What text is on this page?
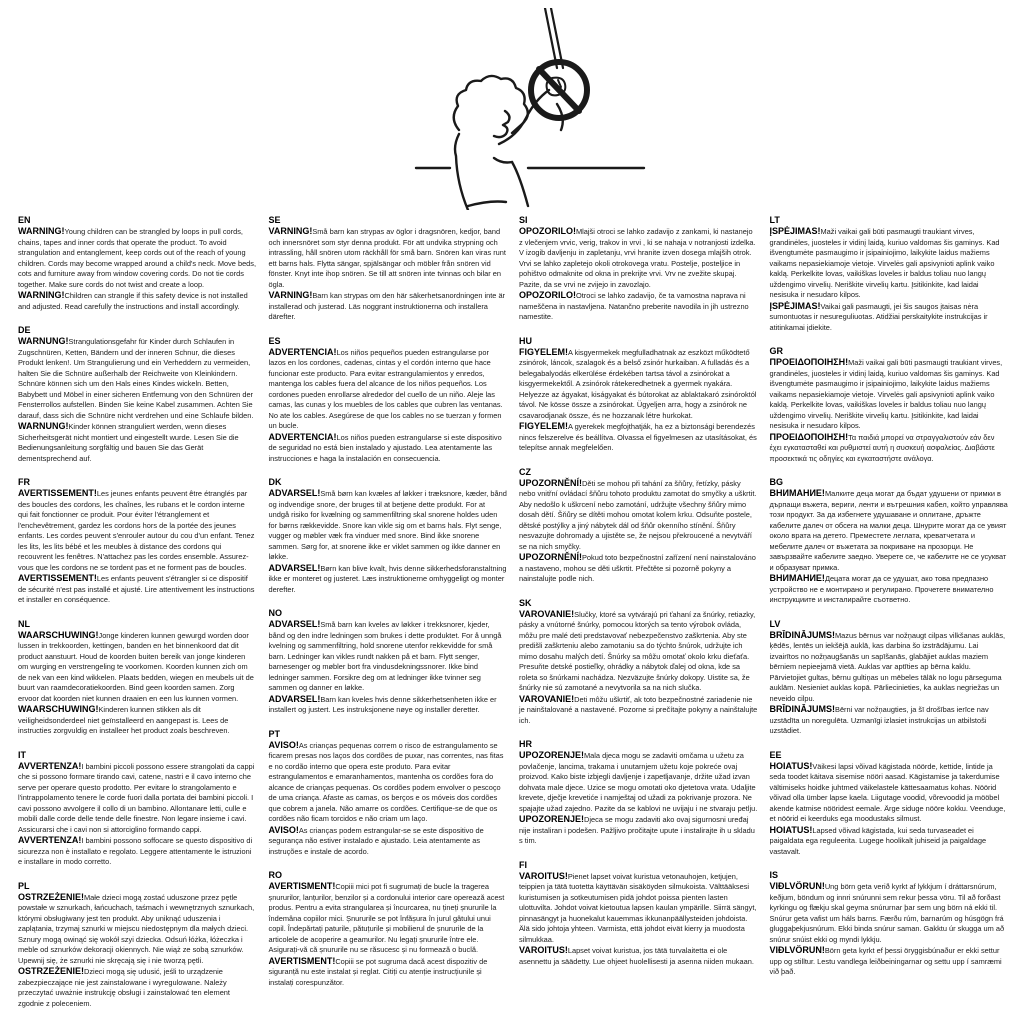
EN

WARNING!Young children can be strangled by loops in pull cords, chains, tapes and inner cords that operate the product. To avoid strangulation and entanglement, keep cords out of the reach of young children. Cords may become wrapped around a child's neck. Move beds, cots and furniture away from window covering cords. Do not tie cords together. Make sure cords do not twist and create a loop.

WARNING!Children can strangle if this safety device is not installed and adjusted. Read carefully the instructions and install accordingly.

DE

WARNUNG!Strangulationsgefahr für Kinder durch Schlaufen in Zugschnüren, Ketten, Bändern und der inneren Schnur, die dieses Produkt lenken!. Um Strangulierung und ein Verheddern zu vermeiden, halten Sie die Schnüre außerhalb der Reichweite von Kleinkindern. Schnüre können sich um den Hals eines Kindes wickeln. Betten, Babybett und Möbel in einer sicheren Entfernung von den Schnüren der Fensterrollos aufstellen. Binden Sie keine Kabel zusammen. Achten Sie darauf, dass sich die Schnüre nicht verdrehen und eine Schlaufe bilden.

WARNUNG!Kinder können stranguliert werden, wenn dieses Sicherheitsgerät nicht montiert und eingestellt wurde. Lesen Sie die Bedienungsanleitung sorgfältig und bauen Sie das Gerät dementsprechend auf.

FR

AVERTISSEMENT!Les jeunes enfants peuvent être étranglés par des boucles des cordons, les chaînes, les rubans et le cordon interne qui fait fonctionner ce produit. Pour éviter l'étranglement et l'enchevêtrement, gardez les cordons hors de la portée des jeunes enfants. Les cordes peuvent s'enrouler autour du cou d'un enfant. Tenez les lits, les lits bébé et les meubles à distance des cordons qui recouvrent les fenêtres. N'attachez pas les cordes ensemble. Assurez-vous que les cordons ne se tordent pas et ne forment pas de boucles.

AVERTISSEMENT!Les enfants peuvent s'étrangler si ce dispositif de sécurité n'est pas installé et ajusté. Lire attentivement les instructions et installer en conséquence.

NL

WAARSCHUWING!Jonge kinderen kunnen gewurgd worden door lussen in trekkoorden, kettingen, banden en het binnenkoord dat dit product aanstuurt. Houd de koorden buiten bereik van jonge kinderen om wurging en verstrengeling te voorkomen. Koorden kunnen zich om de nek van een kind wikkelen. Plaats bedden, wiegen en meubels uit de buurt van raamdecoratiekoorden. Bind geen koorden samen. Zorg ervoor dat koorden niet kunnen draaien en een lus kunnen vormen.

WAARSCHUWING!Kinderen kunnen stikken als dit veiligheidsonderdeel niet geïnstalleerd en aangepast is. Lees de instructies zorgvuldig en installeer het product zoals beschreven.

IT

AVVERTENZA!I bambini piccoli possono essere strangolati da cappi che si possono formare tirando cavi, catene, nastri e il cavo interno che serve per operare questo prodotto. Per evitare lo strangolamento e l'intrappolamento tenere le corde fuori dalla portata dei bambini piccoli. I cavi possono avvolgere il collo di un bambino. Allontanare letti, culle e mobili dalle corde delle tende delle finestre. Non legare insieme i cavi. Assicurarsi che i cavi non si attorciglino formando cappi.

AVVERTENZA!I bambini possono soffocare se questo dispositivo di sicurezza non è installato e regolato. Leggere attentamente le istruzioni e installare in modo corretto.

PL

OSTRZEŻENIE!Małe dzieci mogą zostać uduszone przez pętle powstałe w sznurkach, łańcuchach, taśmach i wewnętrznych sznurkach, którymi obsługiwany jest ten produkt. Aby uniknąć uduszenia i zaplątania, trzymaj sznurki w miejscu niedostępnym dla małych dzieci. Sznury mogą owinąć się wokół szyi dziecka. Odsuń łóżka, łóżeczka i meble od sznurków dekoracji okiennych. Nie wiąż ze sobą sznurków. Upewnij się, że sznurki nie skręcają się i nie tworzą pętli.

OSTRZEŻENIE!Dzieci mogą się udusić, jeśli to urządzenie zabezpieczające nie jest zainstalowane i wyregulowane. Należy przeczytać uważnie instrukcję obsługi i zainstalować ten element zgodnie z poleceniem.

SE

VARNING!Små barn kan strypas av öglor i dragsnören, kedjor, band och innersnöret som styr denna produkt. För att undvika strypning och intrassling, håll snören utom räckhåll för små barn. Snören kan viras runt ett barns hals. Flytta sängar, spjälsängar och möbler från snören vid fönster. Knyt inte ihop snören. Se till att snören inte tvinnas och bilar en ögla.

VARNING!Barn kan strypas om den här säkerhetsanordningen inte är installerad och justerad. Läs noggrant instruktionerna och installera därefter.

ES

ADVERTENCIA!Los niños pequeños pueden estrangularse por lazos en los cordones, cadenas, cintas y el cordón interno que hace funcionar este producto. Para evitar estrangulamientos y enredos, mantenga los cables fuera del alcance de los niños pequeños. Los cordones pueden enrollarse alrededor del cuello de un niño. Aleje las camas, las cunas y los muebles de los cables que cubren las ventanas. No ate los cables. Asegúrese de que los cables no se tuerzan y formen un bucle.

ADVERTENCIA!Los niños pueden estrangularse si este dispositivo de seguridad no está bien instalado y ajustado. Lea atentamente las instrucciones e haga la instalación en consecuencia.

DK

ADVARSEL!Små børn kan kvæles af løkker i træksnore, kæder, bånd og indvendige snore, der bruges til at betjene dette produkt. For at undgå risiko for kvælning og sammenfiltring skal snorene holdes uden for børns rækkevidde. Snore kan vikle sig om et barns hals. Flyt senge, vugger og møbler væk fra vinduer med snore. Bind ikke snorene sammen. Sørg for, at snorene ikke er viklet sammen og ikke danner en løkke.

ADVARSEL!Børn kan blive kvalt, hvis denne sikkerhedsforanstaltning ikke er monteret og justeret. Læs instruktionerne omhyggeligt og monter derefter.

NO

ADVARSEL!Små barn kan kveles av løkker i trekksnorer, kjeder, bånd og den indre ledningen som brukes i dette produktet. For å unngå kvelning og sammenfiltring, hold snorene utenfor rekkevidde for små barn. Ledninger kan vikles rundt nakken på et barn. Flytt senger, barnesenger og møbler bort fra vindusdekningssnorer. Ikke bind ledninger sammen. Forsikre deg om at ledninger ikke tvinner seg sammen og danner en løkke.

ADVARSEL!Barn kan kveles hvis denne sikkerhetsenheten ikke er installert og justert. Les instruksjonene nøye og installer deretter.

PT

AVISO!As crianças pequenas correm o risco de estrangulamento se ficarem presas nos laços dos cordões de puxar, nas correntes, nas fitas e no cordão interno que opera este produto. Para evitar estrangulamentos e emaranhamentos, mantenha os cordões fora do alcance de crianças pequenas. Os cordões podem envolver o pescoço de uma criança. Afaste as camas, os berços e os móveis dos cordões que cobrem a janela. Não amarre os cordões. Certifique-se de que os cordões não ficam torcidos e não criam um laço.

AVISO!As crianças podem estrangular-se se este dispositivo de segurança não estiver instalado e ajustado. Leia atentamente as instruções e instale de acordo.

RO

AVERTISMENT!Copiii mici pot fi sugrumați de bucle la tragerea șnururilor, lanțurilor, benzilor și a cordonului interior care operează acest produs. Pentru a evita strangularea și încurcarea, nu țineți șnururile la îndemâna copiilor mici. Șnururile se pot înfășura în jurul gâtului unui copil. Îndepărtați paturile, pătuțurile și mobilierul de șnururile de la articolele de acoperire a geamurilor. Nu legați șnururile între ele. Asigurați-vă că șnururile nu se răsucesc și nu formează o buclă.

AVERTISMENT!Copiii se pot sugruma dacă acest dispozitiv de siguranță nu este instalat și reglat. Citiți cu atenție instrucțiunile și instalați corespunzător.

SI

OPOZORILO!Mlajši otroci se lahko zadavijo z zankami, ki nastanejo z vlečenjem vrvic, verig, trakov in vrvi , ki se nahaja v notranjosti izdelka. V izogib davljenju in zapletanju, vrvi hranite izven dosega mlajših otrok. Vrvi se lahko zapletejo okoli otrokovega vratu. Postelje, posteljice in pohištvo odmaknite od okna in prekrijte vrvi. Vrv ne zvežite skupaj. Pazite, da se vrvi ne zvijejo in zavozlajo.

OPOZORILO!Otroci se lahko zadavijo, če ta varnostna naprava ni nameščena in nastavljena. Natančno preberite navodila in jih ustrezno namestite.

HU

FIGYELEM!A kisgyermekek megfulladhatnak az eszközt működtető zsinórok, láncok, szalagok és a belső zsinór hurkaiban. A fulladás és a belegabalyodás elkerülése érdekében tartsa távol a zsinórokat a kisgyermekektől. A zsinórok rátekeredhetnek a gyermek nyakára. Helyezze az ágyakat, kiságyakat és bútorokat az ablaktakaró zsinóroktól távol. Ne kösse össze a zsinórokat. Ügyeljen arra, hogy a zsinórok ne csavarodjanak össze, és ne hozzanak létre hurkokat.

FIGYELEM!A gyerekek megfojthatják, ha ez a biztonsági berendezés nincs felszerelve és beállítva. Olvassa el figyelmesen az utasításokat, és telepítse annak megfelelően.

CZ

UPOZORNĚNÍ!Děti se mohou při tahání za šňůry, řetízky, pásky nebo vnitřní ovládací šňůru tohoto produktu zamotat do smyčky a uškrtit. Aby nedošlo k uškrcení nebo zamotání, udržujte všechny šňůry mimo dosah dětí. Šňůry se dítěti mohou omotat kolem krku. Odsuňte postele, dětské postýlky a jiný nábytek dál od šňůr okenního stínění. Šňůry nesvazujte dohromady a ujistěte se, že nejsou překroucené a nevytváří se na nich smyčky.

UPOZORNĚNÍ!Pokud toto bezpečnostní zařízení není nainstalováno a nastaveno, mohou se děti uškrtit. Přečtěte si pozorně pokyny a nainstalujte podle nich.

SK

VAROVANIE!Slučky, ktoré sa vytvárajú pri ťahaní za šnúrky, retiazky, pásky a vnútorné šnúrky, pomocou ktorých sa tento výrobok ovláda, môžu pre malé deti predstavovať nebezpečenstvo zaškrtenia. Aby ste predišli zaškrteniu alebo zamotaniu sa do týchto šnúrok, udržujte ich mimo dosahu malých detí. Šnúrky sa môžu omotať okolo krku dieťaťa. Presuňte detské postieľky, ohrádky a nábytok ďalej od okna, kde sa roleta so šnúrkami nachádza. Nezväzujte šnúrky dokopy. Uistite sa, že šnúrky nie sú zamotané a nevytvorila sa na nich slučka.

VAROVANIE!Deti môžu uškrtiť, ak toto bezpečnostné zariadenie nie je nainštalované a nastavené. Pozorne si prečítajte pokyny a nainštalujte ich.

HR

UPOZORENJE!Mala djeca mogu se zadaviti omčama u užetu za povlačenje, lancima, trakama i unutarnjem užetu koje pokreće ovaj proizvod. Kako biste izbjegli davljenje i zapetljavanje, držite užad izvan dohvata male djece. Uzice se mogu omotati oko djetetova vrata. Udaljite krevete, dječje krevetiće i namještaj od užadi za pokrivanje prozora. Ne spajajte užad zajedno. Pazite da se kablovi ne uvijaju i ne stvaraju petlju.

UPOZORENJE!Djeca se mogu zadaviti ako ovaj sigurnosni uređaj nije instaliran i podešen. Pažljivo pročitajte upute i instalirajte ih u skladu s tim.

FI

VAROITUS!Pienet lapset voivat kuristua vetonauhojen, ketjujen, teippien ja tätä tuotetta käyttävän sisäköyden silmukoista. Välttääksesi kuristumisen ja sotkeutumisen pidä johdot poissa pienten lasten ulottuvilta. Johdot voivat kietoutua lapsen kaulan ympärille. Siirrä sängyt, pinnasängyt ja huonekalut kauemmas ikkunanpäällysteiden johdoista. Älä sido johtoja yhteen. Varmista, että johdot eivät kierry ja muodosta silmukkaa.

VAROITUS!Lapset voivat kuristua, jos tätä turvalaitetta ei ole asennettu ja säädetty. Lue ohjeet huolellisesti ja asenna niiden mukaan.

LT

ĮSPĖJIMAS!Maži vaikai gali būti pasmaugti traukiant virves, grandinėles, juosteles ir vidinį laidą, kuriuo valdomas šis gaminys. Kad išvengtumėte pasmaugimo ir įsipainiojimo, laikykite laidus mažiems vaikams nepasiekiamoje vietoje. Virvelės gali apsivynioti aplink vaiko kaklą. Perkelkite lovas, vaikiškas loveles ir baldus toliau nuo langų uždengimo virvelių. Neriškite virvelių kartu. Įsitikinkite, kad laidai nesisuka ir nesudaro kilpos.

ĮSPĖJIMAS!Vaikai gali pasmaugti, jei šis saugos įtaisas nėra sumontuotas ir nesureguliuotas. Atidžiai perskaitykite instrukcijas ir atitinkamai įdiekite.

GR

ΠΡΟΕΙΔΟΠΟΙΗΣΗ!Maži vaikai gali būti pasmaugti traukiant virves, grandinėles, juosteles ir vidinį laidą, kuriuo valdomas šis gaminys. Kad išvengtumėte pasmaugimo ir įsipainiojimo, laikykite laidus mažiems vaikams nepasiekiamoje vietoje. Virvelės gali apsivynioti aplink vaiko kaklą. Perkelkite lovas, vaikiškas loveles ir baldus toliau nuo langų uždengimo virvelių. Neriškite virvelių kartu. Įsitikinkite, kad laidai nesisuka ir nesudaro kilpos.

ΠΡΟΕΙΔΟΠΟΙΗΣΗ!Τα παιδιά μπορεί να στραγγαλιστούν εάν δεν έχει εγκατασταθεί και ρυθμιστεί αυτή η συσκευή ασφαλείας. Διαβάστε προσεκτικά τις οδηγίες και εγκαταστήστε ανάλογα.

BG

ВНИМАНИЕ!Малките деца могат да бъдат удушени от примки в дърпащи въжета, вериги, ленти и вътрешния кабел, който управлява този продукт. За да избегнете удушаване и оплитане, дръжте кабелите далеч от обсега на малки деца. Шнурите могат да се увият около врата на детето. Преместете леглата, креватчетата и мебелите далеч от въжетата за покриване на прозорци. Не завързвайте кабелите заедно. Уверете се, че кабелите не се усукват и образуват примка.

ВНИМАНИЕ!Децата могат да се удушат, ако това предпазно устройство не е монтирано и регулирано. Прочетете внимателно инструкциите и инсталирайте съответно.

LV

BRĪDINĀJUMS!Mazus bērnus var nožņaugt cilpas vilkšanas auklās, ķēdēs, lentēs un iekšējā auklā, kas darbina šo izstrādājumu. Lai izvairītos no nožņaugšanās un sapīšanās, glabājiet auklas maziem bērniem nepieejamā vietā. Auklas var aptīties ap bērna kaklu. Pārvietojiet gultas, bērnu gultiņas un mēbeles tālāk no logu pārseguma auklām. Nesieniet auklas kopā. Pārliecinieties, ka auklas negriežas un neveido cilpu.

BRĪDINĀJUMS!Bērni var nožņaugties, ja šī drošības ierīce nav uzstādīta un noregulēta. Uzmanīgi izlasiet instrukcijas un atbilstoši uzstādiet.

EE

HOIATUS!Väikesi lapsi võivad kägistada nöörde, kettide, lintide ja seda toodet käitava sisemise nööri aasad. Kägistamise ja takerdumise vältimiseks hoidke juhtmed väikelastele kättesaamatus kohas. Nöörid võivad olla ümber lapse kaela. Liigutage voodid, võrevoodid ja mööbel akende katmise nööridest eemale. Ärge siduge nööre kokku. Veenduge, et nöörid ei keerduks ega moodustaks silmust.

HOIATUS!Lapsed võivad kägistada, kui seda turvaseadet ei paigaldata ega reguleerita. Lugege hoolikalt juhiseid ja paigaldage vastavalt.

IS

VIÐLVÖRUN!Ung börn geta verið kyrkt af lykkjum í dráttarsnúrum, keðjum, böndum og innri snúrunni sem rekur þessa vöru. Til að forðast kyrkingu og flækju skal geyma snúrurnar þar sem ung börn ná ekki til. Snúrur geta vafist um háls barns. Færðu rúm, barnarúm og húsgögn frá gluggaþekjusnúrum. Ekki binda snúrur saman. Gakktu úr skugga um að snúrur snúist ekki og myndi lykkju.

VIÐLVÖRUN!Börn geta kyrkt ef þessi öryggisbúnaður er ekki settur upp og stilltur. Lestu vandlega leiðbeiningarnar og settu upp í samræmi við það.
